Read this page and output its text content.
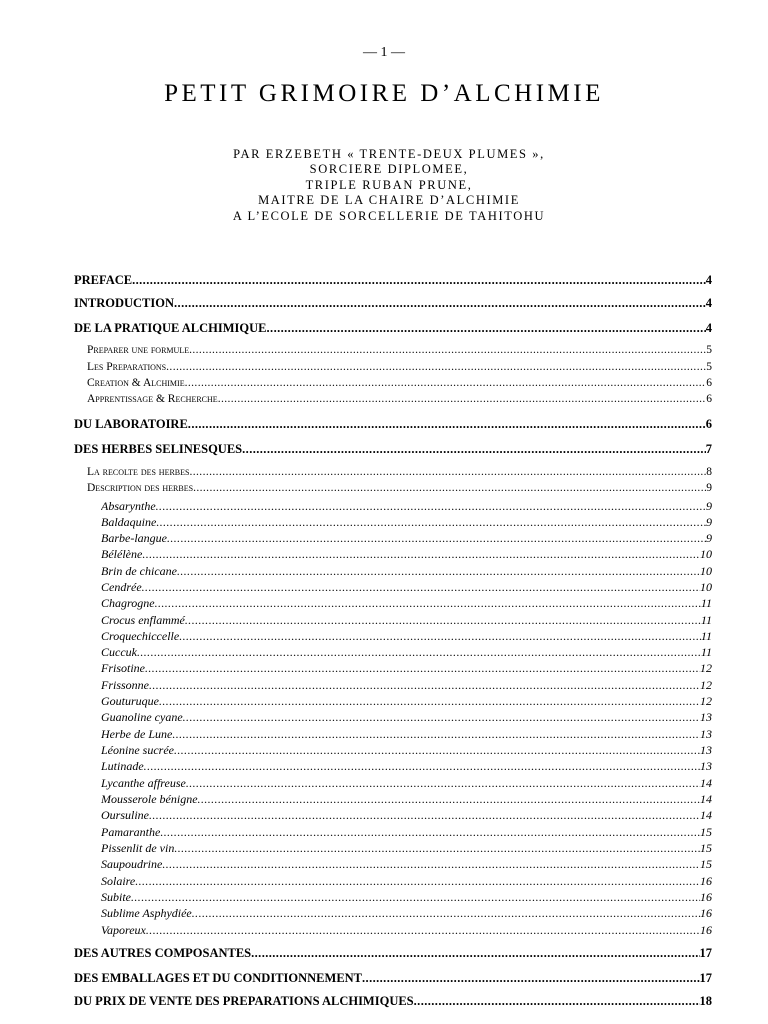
— 1 —
PETIT GRIMOIRE D’ALCHIMIE
PAR ERZEBETH « TRENTE-DEUX PLUMES »,
SORCIERE DIPLOMEE,
TRIPLE RUBAN PRUNE,
MAITRE DE LA CHAIRE D’ALCHIMIE
A L’ECOLE DE SORCELLERIE DE TAHITOHU
PREFACE .....	4
INTRODUCTION .....	4
DE LA PRATIQUE ALCHIMIQUE .....	4
Preparer une formule .....	5
Les Preparations .....	5
Creation & Alchimie .....	6
Apprentissage & Recherche .....	6
DU LABORATOIRE .....	6
DES HERBES SELINESQUES .....	7
La recolte des herbes .....	8
Description des herbes .....	9
Absarynthe .....	9
Baldaquine .....	9
Barbe-langue .....	9
Bélélène .....	10
Brin de chicane .....	10
Cendrée .....	10
Chagrogne .....	11
Crocus enflammé .....	11
Croquechiccelle .....	11
Cuccuk .....	11
Frisotine .....	12
Frissonne .....	12
Gouturuque .....	12
Guanoline cyane .....	13
Herbe de Lune .....	13
Léonine sucrée .....	13
Lutinade .....	13
Lycanthe affreuse .....	14
Mousserole bénigne .....	14
Oursuline .....	14
Pamaranthe .....	15
Pissenlit de vin .....	15
Saupoudrine .....	15
Solaire .....	16
Subite .....	16
Sublime Asphydiée .....	16
Vaporeux .....	16
DES AUTRES COMPOSANTES .....	17
DES EMBALLAGES ET DU CONDITIONNEMENT .....	17
DU PRIX DE VENTE DES PREPARATIONS ALCHIMIQUES .....	18
